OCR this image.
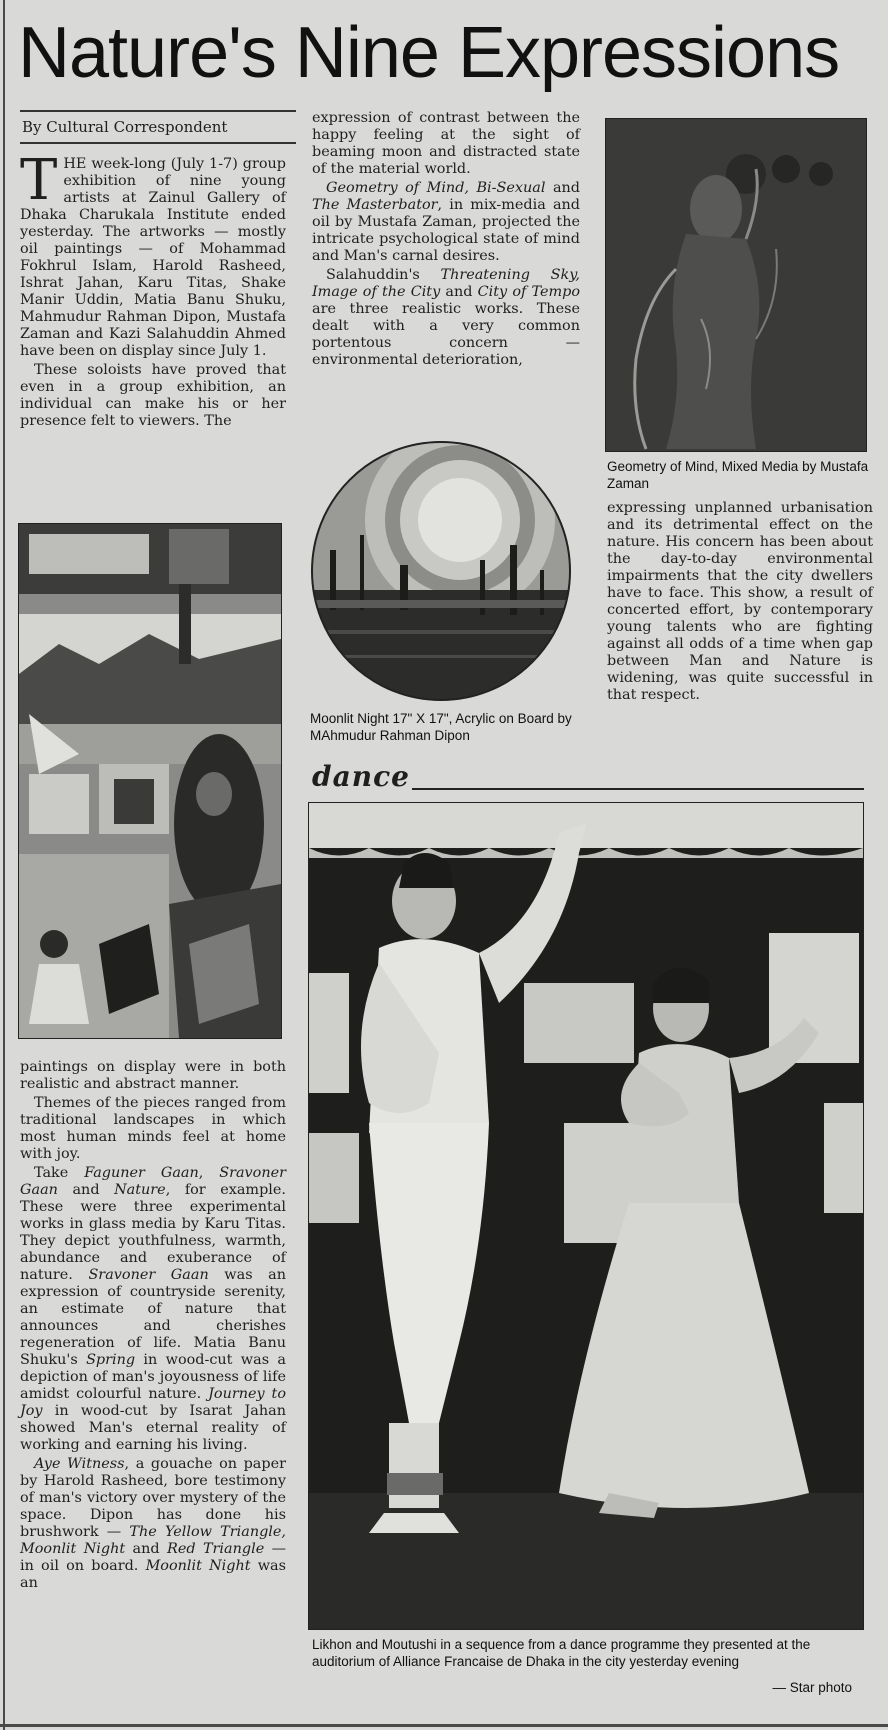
Nature's Nine Expressions
By Cultural Correspondent

THE week-long (July 1-7) group exhibition of nine young artists at Zainul Gallery of Dhaka Charukala Institute ended yesterday. The artworks — mostly oil paintings — of Mohammad Fokhrul Islam, Harold Rasheed, Ishrat Jahan, Karu Titas, Shake Manir Uddin, Matia Banu Shuku, Mahmudur Rahman Dipon, Mustafa Zaman and Kazi Salahuddin Ahmed have been on display since July 1.

These soloists have proved that even in a group exhibition, an individual can make his or her presence felt to viewers. The

paintings on display were in both realistic and abstract manner.

Themes of the pieces ranged from traditional landscapes in which most human minds feel at home with joy.

Take Faguner Gaan, Sravoner Gaan and Nature, for example. These were three experimental works in glass media by Karu Titas. They depict youthfulness, warmth, abundance and exuberance of nature. Sravoner Gaan was an expression of countryside serenity, an estimate of nature that announces and cherishes regeneration of life. Matia Banu Shuku's Spring in wood-cut was a depiction of man's joyousness of life amidst colourful nature. Journey to Joy in wood-cut by Isarat Jahan showed Man's eternal reality of working and earning his living.

Aye Witness, a gouache on paper by Harold Rasheed, bore testimony of man's victory over mystery of the space. Dipon has done his brushwork — The Yellow Triangle, Moonlit Night and Red Triangle — in oil on board. Moonlit Night was an

expression of contrast between the happy feeling at the sight of beaming moon and distracted state of the material world.

Geometry of Mind, Bi-Sexual and The Masterbator, in mix-media and oil by Mustafa Zaman, projected the intricate psychological state of mind and Man's carnal desires.

Salahuddin's Threatening Sky, Image of the City and City of Tempo are three realistic works. These dealt with a very common portentous concern — environmental deterioration,

Moonlit Night 17" X 17", Acrylic on Board by MAhmudur Rahman Dipon
Geometry of Mind, Mixed Media by Mustafa Zaman

expressing unplanned urbanisation and its detrimental effect on the nature. His concern has been about the day-to-day environmental impairments that the city dwellers have to face. This show, a result of concerted effort, by contemporary young talents who are fighting against all odds of a time when gap between Man and Nature is widening, was quite successful in that respect.

dance
Likhon and Moutushi in a sequence from a dance programme they presented at the auditorium of Alliance Francaise de Dhaka in the city yesterday evening
— Star photo
